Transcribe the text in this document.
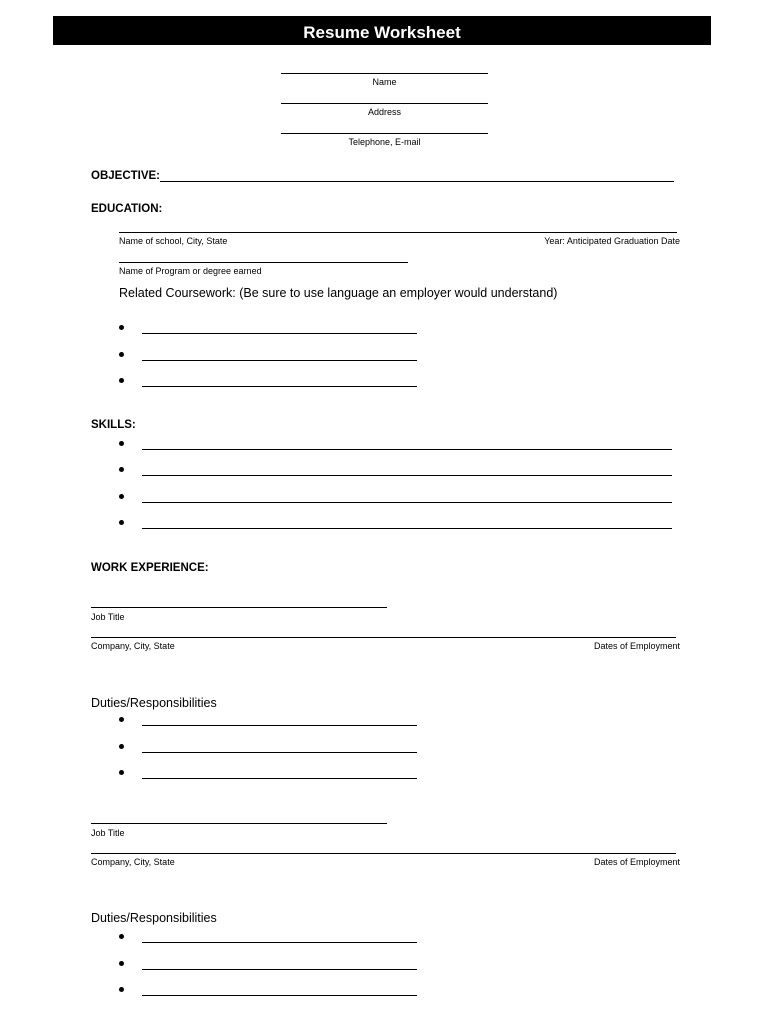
Resume Worksheet
Name
Address
Telephone, E-mail
OBJECTIVE:
EDUCATION:
Name of school, City, State	Year: Anticipated Graduation Date
Name of Program or degree earned
Related Coursework: (Be sure to use language an employer would understand)
SKILLS:
WORK EXPERIENCE:
Job Title
Company, City, State	Dates of Employment
Duties/Responsibilities
Job Title
Company, City, State	Dates of Employment
Duties/Responsibilities
